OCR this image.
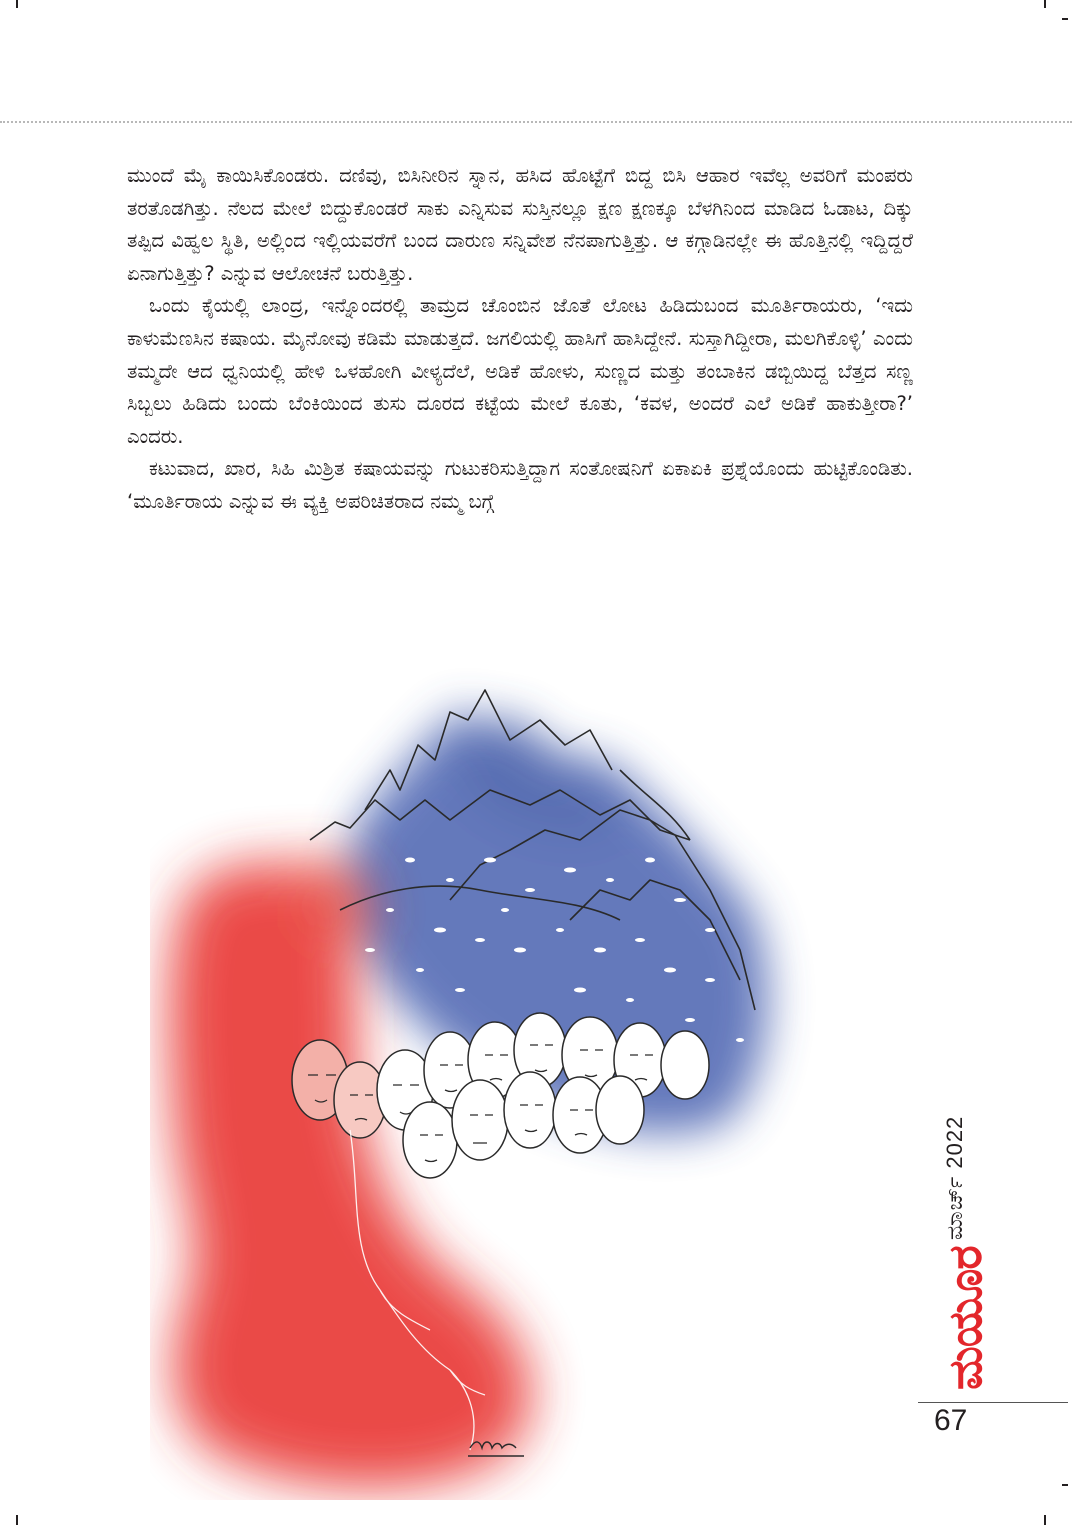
ಮುಂದೆ ಮೈ ಕಾಯಿಸಿಕೊಂಡರು. ದಣಿವು, ಬಿಸಿನೀರಿನ ಸ್ನಾನ, ಹಸಿದ ಹೊಟ್ಟೆಗೆ ಬಿದ್ದ ಬಿಸಿ ಆಹಾರ ಇವೆಲ್ಲ ಅವರಿಗೆ ಮಂಪರು ತರತೊಡಗಿತ್ತು. ನೆಲದ ಮೇಲೆ ಬಿದ್ದುಕೊಂಡರೆ ಸಾಕು ಎನ್ನಿಸುವ ಸುಸ್ತಿನಲ್ಲೂ ಕ್ಷಣ ಕ್ಷಣಕ್ಕೂ ಬೆಳಗಿನಿಂದ ಮಾಡಿದ ಓಡಾಟ, ದಿಕ್ಕು ತಪ್ಪಿದ ವಿಹ್ವಲ ಸ್ಥಿತಿ, ಅಲ್ಲಿಂದ ಇಲ್ಲಿಯವರೆಗೆ ಬಂದ ದಾರುಣ ಸನ್ನಿವೇಶ ನೆನಪಾಗುತ್ತಿತ್ತು. ಆ ಕಗ್ಗಾಡಿನಲ್ಲೇ ಈ ಹೊತ್ತಿನಲ್ಲಿ ಇದ್ದಿದ್ದರೆ ಏನಾಗುತ್ತಿತ್ತು? ಎನ್ನುವ ಆಲೋಚನೆ ಬರುತ್ತಿತ್ತು.

ಒಂದು ಕೈಯಲ್ಲಿ ಲಾಂದ್ರ, ಇನ್ನೊಂದರಲ್ಲಿ ತಾಮ್ರದ ಚೊಂಬಿನ ಜೊತೆ ಲೋಟ ಹಿಡಿದುಬಂದ ಮೂರ್ತಿರಾಯರು, ‘ಇದು ಕಾಳುಮೆಣಸಿನ ಕಷಾಯ. ಮೈನೋವು ಕಡಿಮೆ ಮಾಡುತ್ತದೆ. ಜಗಲಿಯಲ್ಲಿ ಹಾಸಿಗೆ ಹಾಸಿದ್ದೇನೆ. ಸುಸ್ತಾಗಿದ್ದೀರಾ, ಮಲಗಿಕೊಳ್ಳಿ’ ಎಂದು ತಮ್ಮದೇ ಆದ ಧ್ವನಿಯಲ್ಲಿ ಹೇಳಿ ಒಳಹೋಗಿ ವೀಳ್ಯದೆಲೆ, ಅಡಿಕೆ ಹೋಳು, ಸುಣ್ಣದ ಮತ್ತು ತಂಬಾಕಿನ ಡಬ್ಬಿಯಿದ್ದ ಬೆತ್ತದ ಸಣ್ಣ ಸಿಬ್ಬಲು ಹಿಡಿದು ಬಂದು ಬೆಂಕಿಯಿಂದ ತುಸು ದೂರದ ಕಟ್ಟೆಯ ಮೇಲೆ ಕೂತು, ‘ಕವಳ, ಅಂದರೆ ಎಲೆ ಅಡಿಕೆ ಹಾಕುತ್ತೀರಾ?’ ಎಂದರು.

ಕಟುವಾದ, ಖಾರ, ಸಿಹಿ ಮಿಶ್ರಿತ ಕಷಾಯವನ್ನು ಗುಟುಕರಿಸುತ್ತಿದ್ದಾಗ ಸಂತೋಷನಿಗೆ ಏಕಾಏಕಿ ಪ್ರಶ್ನೆಯೊಂದು ಹುಟ್ಟಿಕೊಂಡಿತು. ‘ಮೂರ್ತಿರಾಯ ಎನ್ನುವ ಈ ವ್ಯಕ್ತಿ ಅಪರಿಚಿತರಾದ ನಮ್ಮ ಬಗ್ಗೆ

ಮಾರ್ಚ್ 2022
ಮಯೂರ
67
